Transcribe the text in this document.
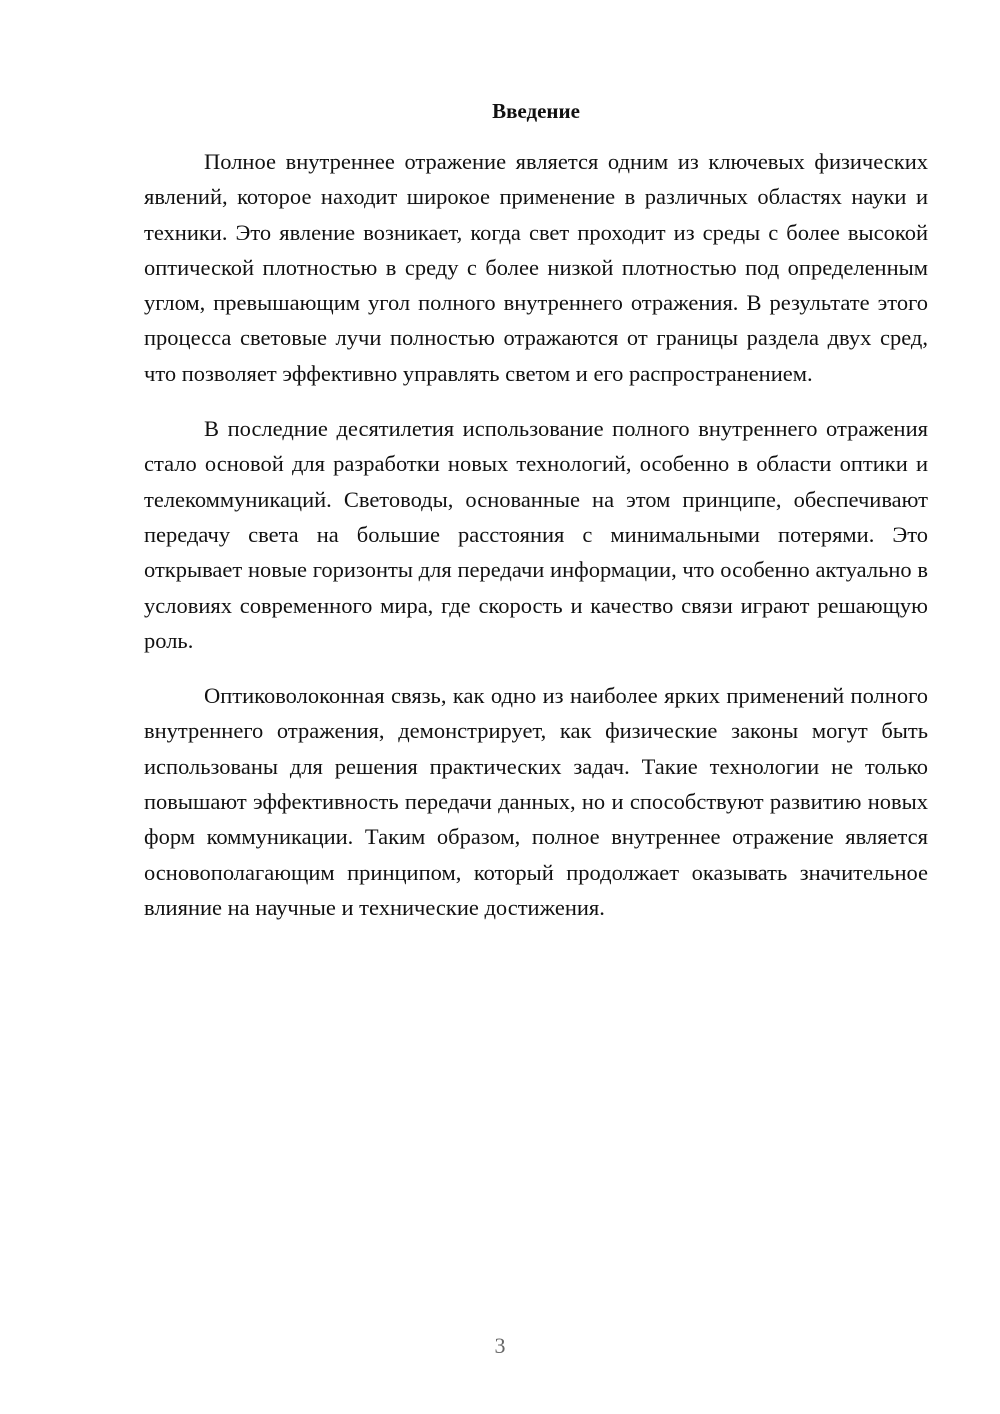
Введение

Полное внутреннее отражение является одним из ключевых физических явлений, которое находит широкое применение в различных областях науки и техники. Это явление возникает, когда свет проходит из среды с более высокой оптической плотностью в среду с более низкой плотностью под определенным углом, превышающим угол полного внутреннего отражения. В результате этого процесса световые лучи полностью отражаются от границы раздела двух сред, что позволяет эффективно управлять светом и его распространением.

В последние десятилетия использование полного внутреннего отражения стало основой для разработки новых технологий, особенно в области оптики и телекоммуникаций. Световоды, основанные на этом принципе, обеспечивают передачу света на большие расстояния с минимальными потерями. Это открывает новые горизонты для передачи информации, что особенно актуально в условиях современного мира, где скорость и качество связи играют решающую роль.

Оптиковолоконная связь, как одно из наиболее ярких применений полного внутреннего отражения, демонстрирует, как физические законы могут быть использованы для решения практических задач. Такие технологии не только повышают эффективность передачи данных, но и способствуют развитию новых форм коммуникации. Таким образом, полное внутреннее отражение является основополагающим принципом, который продолжает оказывать значительное влияние на научные и технические достижения.

3
